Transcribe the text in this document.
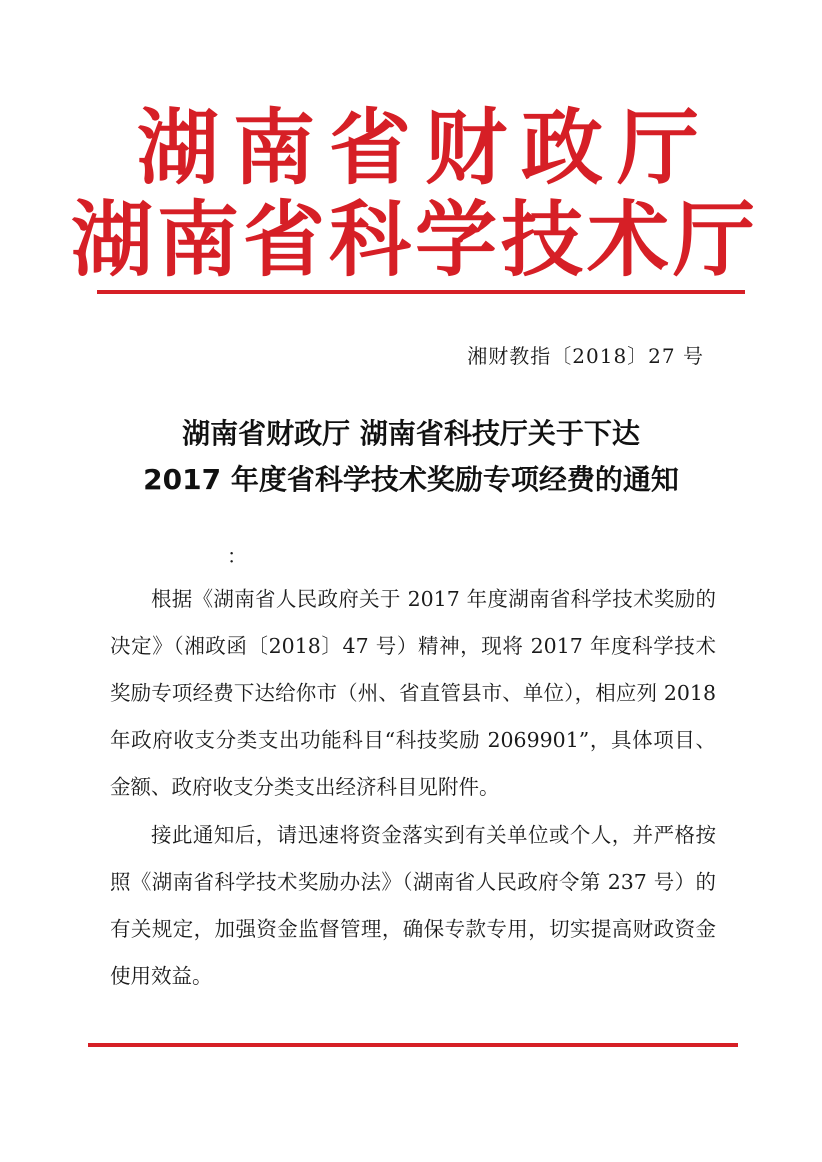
湖南省财政厅
湖南省科学技术厅
湘财教指〔2018〕27 号
湖南省财政厅 湖南省科技厅关于下达
2017 年度省科学技术奖励专项经费的通知
：

根据《湖南省人民政府关于 2017 年度湖南省科学技术奖励的决定》（湘政函〔2018〕47 号）精神，现将 2017 年度科学技术奖励专项经费下达给你市（州、省直管县市、单位），相应列 2018 年政府收支分类支出功能科目“科技奖励 2069901”，具体项目、金额、政府收支分类支出经济科目见附件。

接此通知后，请迅速将资金落实到有关单位或个人，并严格按照《湖南省科学技术奖励办法》（湖南省人民政府令第 237 号）的有关规定，加强资金监督管理，确保专款专用，切实提高财政资金使用效益。
